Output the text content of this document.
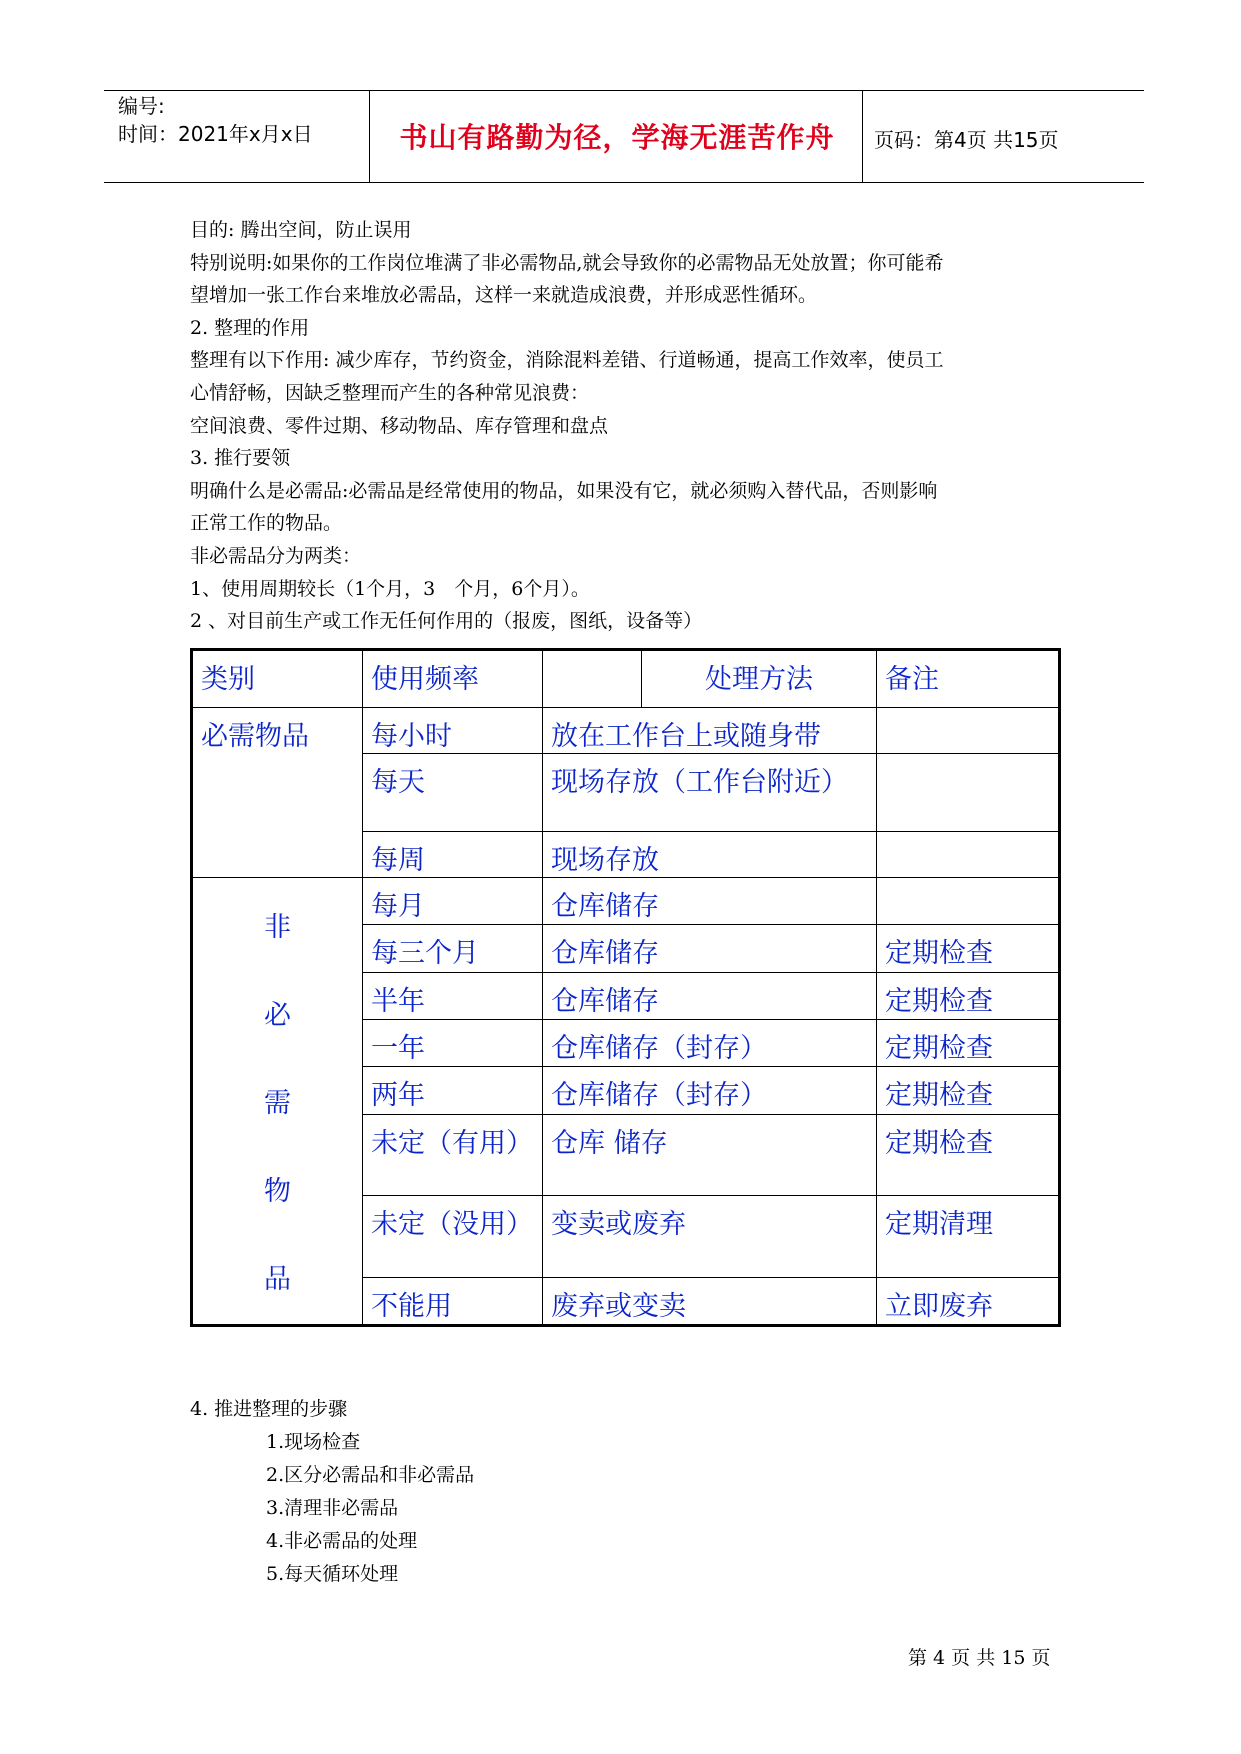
编号:
时间：2021年x月x日	书山有路勤为径，学海无涯苦作舟	页码：第4页 共15页

目的: 腾出空间，防止误用

特别说明:如果你的工作岗位堆满了非必需物品,就会导致你的必需物品无处放置；你可能希

望增加一张工作台来堆放必需品，这样一来就造成浪费，并形成恶性循环。

2. 整理的作用

整理有以下作用: 减少库存，节约资金，消除混料差错、行道畅通，提高工作效率，使员工

心情舒畅，因缺乏整理而产生的各种常见浪费：

空间浪费、零件过期、移动物品、库存管理和盘点

3. 推行要领

明确什么是必需品:必需品是经常使用的物品，如果没有它，就必须购入替代品，否则影响

正常工作的物品。

非必需品分为两类：

1、使用周期较长（1个月，3　个月，6个月）。

2 、对目前生产或工作无任何作用的（报废，图纸，设备等）

类别	使用频率		处理方法	备注
必需物品	每小时	放在工作台上或随身带		
	每天	现场存放（工作台附近）		
	每周	现场存放		

非
必
需
物
品	每月	仓库储存		
	每三个月	仓库储存		定期检查
	半年	仓库储存		定期检查
	一年	仓库储存（封存）		定期检查
	两年	仓库储存（封存）		定期检查
	未定（有用）	仓库 储存		定期检查
	未定（没用）	变卖或废弃		定期清理
	不能用	废弃或变卖		立即废弃

4. 推进整理的步骤

1.现场检查

2.区分必需品和非必需品

3.清理非必需品

4.非必需品的处理

5.每天循环处理

第 4 页 共 15 页
